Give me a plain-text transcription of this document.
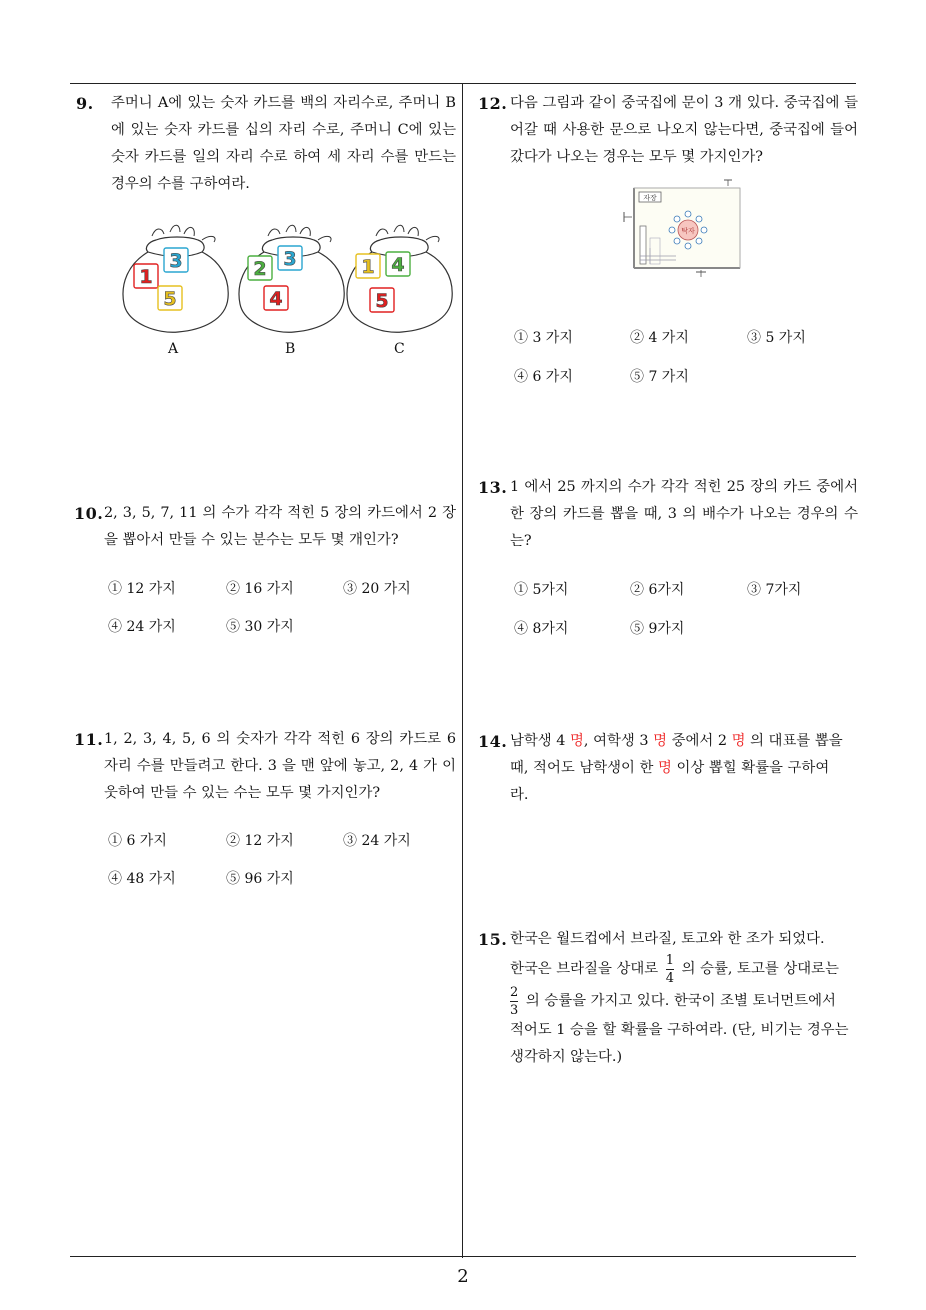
9. 주머니 A에 있는 숫자 카드를 백의 자리수로, 주머니 B에 있는 숫자 카드를 십의 자리 수로, 주머니 C에 있는 숫자 카드를 일의 자리 수로 하여 세 자리 수를 만드는 경우의 수를 구하여라.
1
3
5
2 3
4
1 4
5
A	B	C
10. 2, 3, 5, 7, 11 의 수가 각각 적힌 5 장의 카드에서 2 장을 뽑아서 만들 수 있는 분수는 모두 몇 개인가?
① 12 가지	② 16 가지	③ 20 가지
④ 24 가지	⑤ 30 가지
11. 1, 2, 3, 4, 5, 6 의 숫자가 각각 적힌 6 장의 카드로 6 자리 수를 만들려고 한다. 3 을 맨 앞에 놓고, 2, 4 가 이웃하여 만들 수 있는 수는 모두 몇 가지인가?
① 6 가지	② 12 가지	③ 24 가지
④ 48 가지	⑤ 96 가지
12. 다음 그림과 같이 중국집에 문이 3 개 있다. 중국집에 들어갈 때 사용한 문으로 나오지 않는다면, 중국집에 들어갔다가 나오는 경우는 모두 몇 가지인가?
자장
탁자
① 3 가지	② 4 가지	③ 5 가지
④ 6 가지	⑤ 7 가지
13. 1 에서 25 까지의 수가 각각 적힌 25 장의 카드 중에서 한 장의 카드를 뽑을 때, 3 의 배수가 나오는 경우의 수는?
① 5가지	② 6가지	③ 7가지
④ 8가지	⑤ 9가지
14. 남학생 4 명, 여학생 3 명 중에서 2 명 의 대표를 뽑을

때, 적어도 남학생이 한 명 이상 뽑힐 확률을 구하여

라.

15. 한국은 월드컵에서 브라질, 토고와 한 조가 되었다.

한국은 브라질을 상대로 $\frac{1}{4}$ 의 승률, 토고를 상대로는

$\frac{2}{3}$ 의 승률을 가지고 있다. 한국이 조별 토너먼트에서

적어도 1 승을 할 확률을 구하여라. (단, 비기는 경우는

생각하지 않는다.)

2
